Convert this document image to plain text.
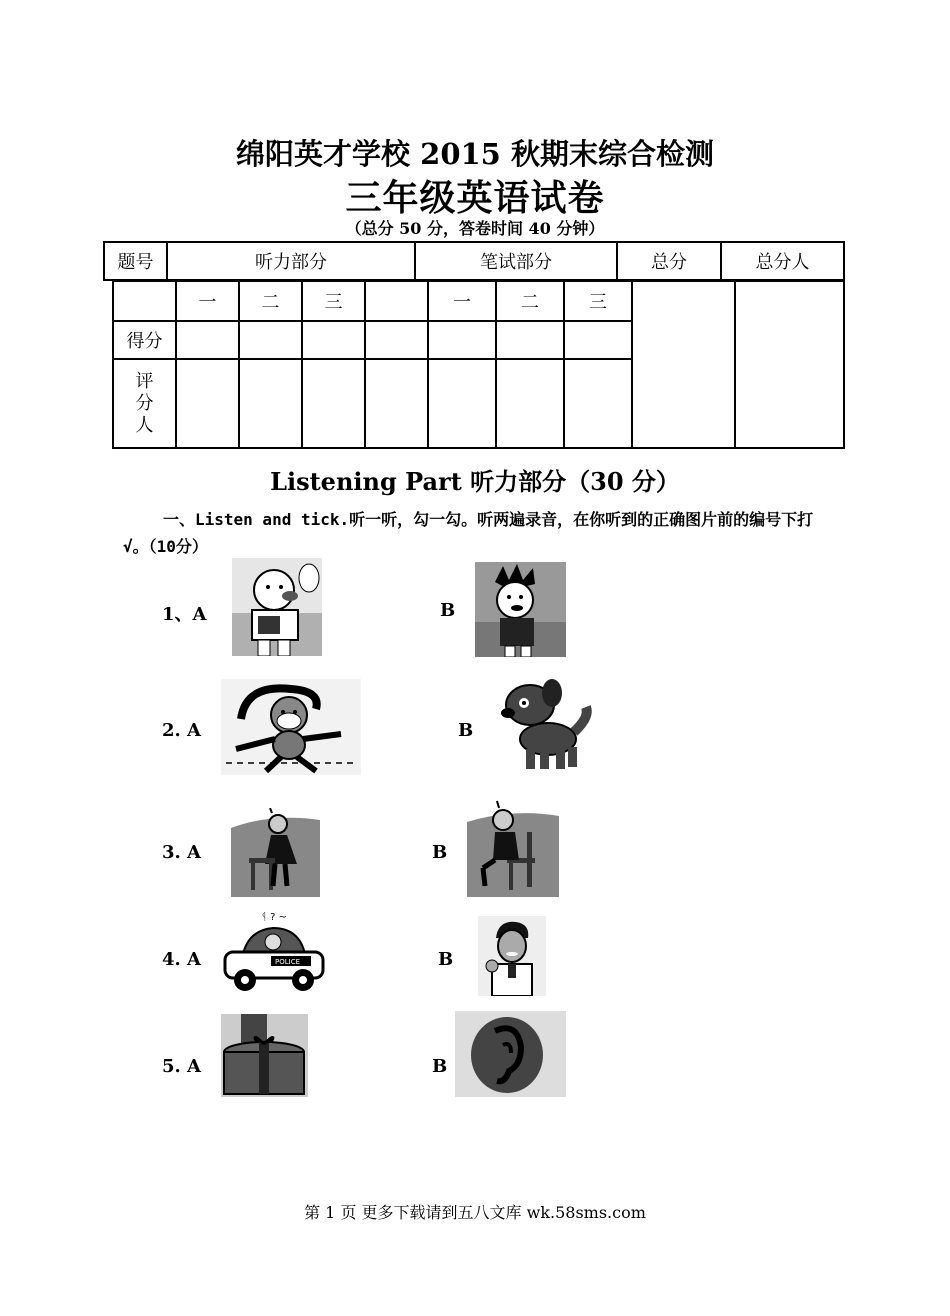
绵阳英才学校 2015 秋期末综合检测
三年级英语试卷
（总分 50 分，答卷时间 40 分钟）
题号	听力部分	笔试部分	总分	总分人
	一	二	三		一	二	三		
得分									
评分人									
Listening Part 听力部分（30 分）
一、Listen and tick.听一听，勾一勾。听两遍录音，在你听到的正确图片前的编号下打√。（10分）
1、A	B
2. A	B
3. A	B
4. A
ᛩ ? ~
POLICE	B
5. A	B
第 1 页 更多下载请到五八文库 wk.58sms.com
